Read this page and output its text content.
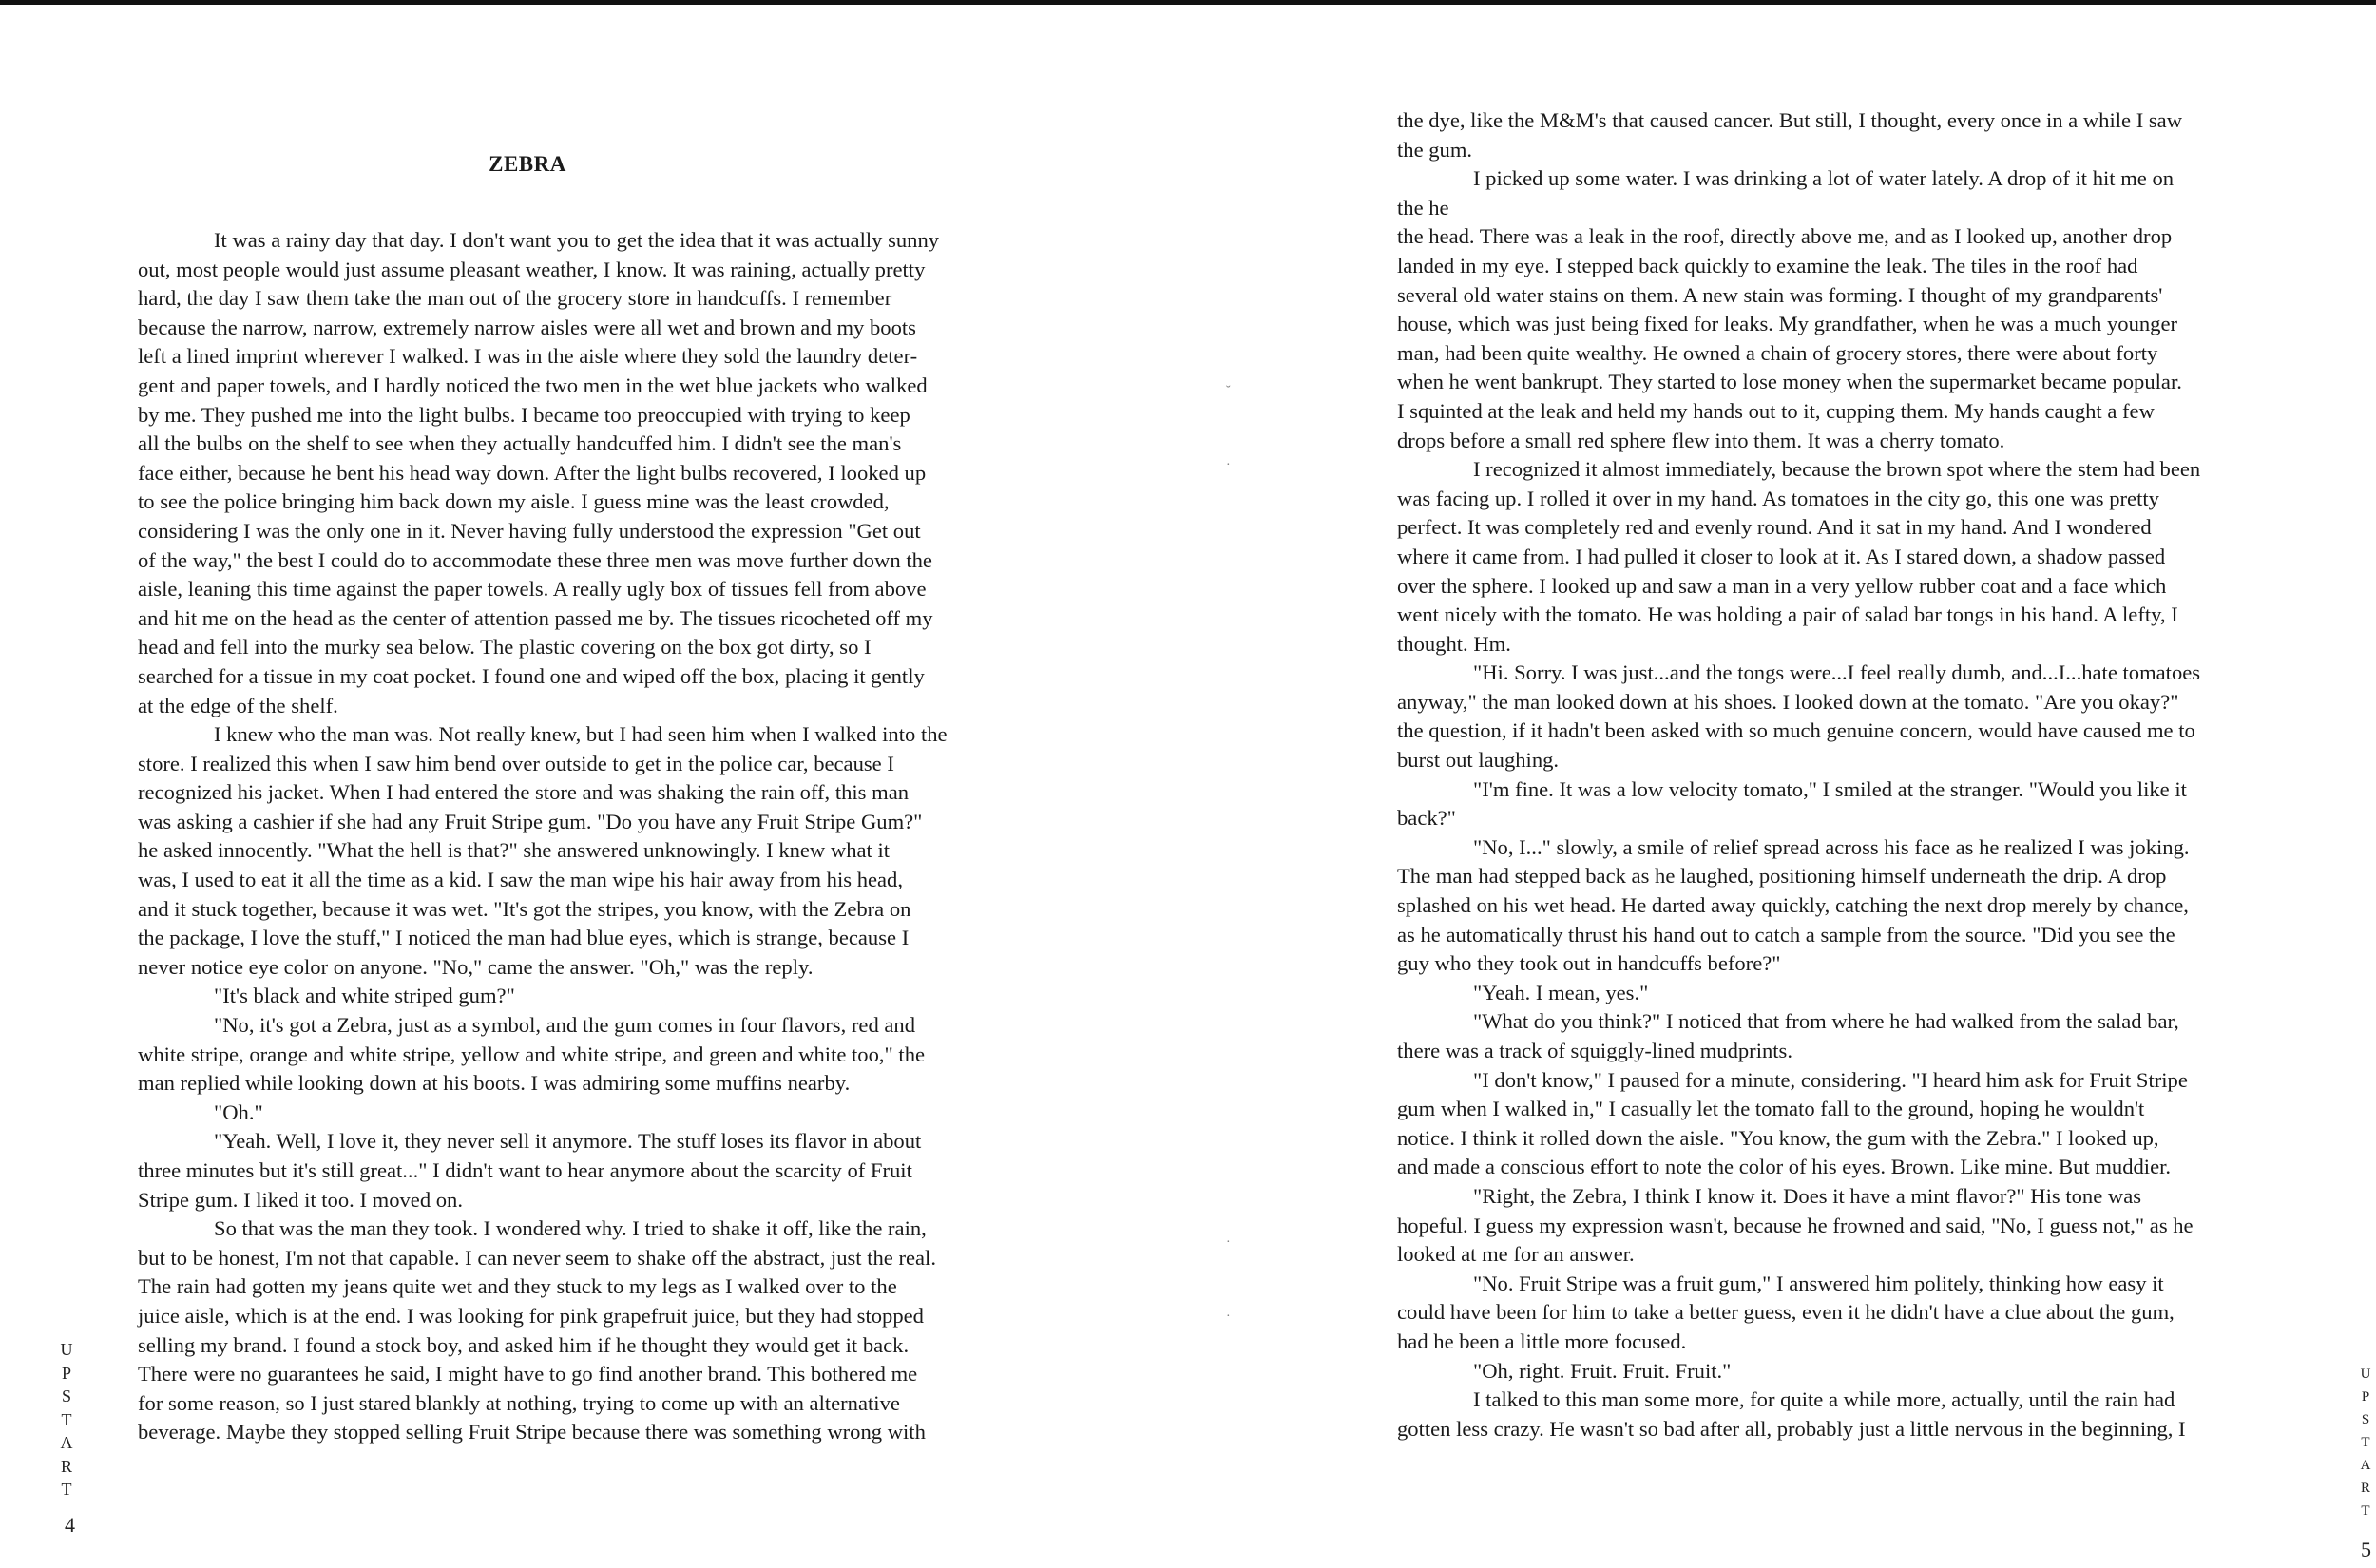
ZEBRA

It was a rainy day that day. I don't want you to get the idea that it was actually sunny
out, most people would just assume pleasant weather, I know. It was raining, actually pretty
hard, the day I saw them take the man out of the grocery store in handcuffs. I remember
because the narrow, narrow, extremely narrow aisles were all wet and brown and my boots
left a lined imprint wherever I walked. I was in the aisle where they sold the laundry deter-
gent and paper towels, and I hardly noticed the two men in the wet blue jackets who walked
by me. They pushed me into the light bulbs. I became too preoccupied with trying to keep
all the bulbs on the shelf to see when they actually handcuffed him. I didn't see the man's
face either, because he bent his head way down. After the light bulbs recovered, I looked up
to see the police bringing him back down my aisle. I guess mine was the least crowded,
considering I was the only one in it. Never having fully understood the expression "Get out
of the way," the best I could do to accommodate these three men was move further down the
aisle, leaning this time against the paper towels. A really ugly box of tissues fell from above
and hit me on the head as the center of attention passed me by. The tissues ricocheted off my
head and fell into the murky sea below. The plastic covering on the box got dirty, so I
searched for a tissue in my coat pocket. I found one and wiped off the box, placing it gently
at the edge of the shelf.

I knew who the man was. Not really knew, but I had seen him when I walked into the
store. I realized this when I saw him bend over outside to get in the police car, because I
recognized his jacket. When I had entered the store and was shaking the rain off, this man
was asking a cashier if she had any Fruit Stripe gum. "Do you have any Fruit Stripe Gum?"
he asked innocently. "What the hell is that?" she answered unknowingly. I knew what it
was, I used to eat it all the time as a kid. I saw the man wipe his hair away from his head,
and it stuck together, because it was wet. "It's got the stripes, you know, with the Zebra on
the package, I love the stuff," I noticed the man had blue eyes, which is strange, because I
never notice eye color on anyone. "No," came the answer. "Oh," was the reply.

"It's black and white striped gum?"

"No, it's got a Zebra, just as a symbol, and the gum comes in four flavors, red and
white stripe, orange and white stripe, yellow and white stripe, and green and white too," the
man replied while looking down at his boots. I was admiring some muffins nearby.

"Oh."

"Yeah. Well, I love it, they never sell it anymore. The stuff loses its flavor in about
three minutes but it's still great..." I didn't want to hear anymore about the scarcity of Fruit
Stripe gum. I liked it too. I moved on.

So that was the man they took. I wondered why. I tried to shake it off, like the rain,
but to be honest, I'm not that capable. I can never seem to shake off the abstract, just the real.
The rain had gotten my jeans quite wet and they stuck to my legs as I walked over to the
juice aisle, which is at the end. I was looking for pink grapefruit juice, but they had stopped
selling my brand. I found a stock boy, and asked him if he thought they would get it back.
There were no guarantees he said, I might have to go find another brand. This bothered me
for some reason, so I just stared blankly at nothing, trying to come up with an alternative
beverage. Maybe they stopped selling Fruit Stripe because there was something wrong with

U
P
S
T
A
R
T
4
˘
·
·
·

the dye, like the M&M's that caused cancer. But still, I thought, every once in a while I saw
the gum.

I picked up some water. I was drinking a lot of water lately. A drop of it hit me on
the he

the head. There was a leak in the roof, directly above me, and as I looked up, another drop
landed in my eye. I stepped back quickly to examine the leak. The tiles in the roof had
several old water stains on them. A new stain was forming. I thought of my grandparents'
house, which was just being fixed for leaks. My grandfather, when he was a much younger
man, had been quite wealthy. He owned a chain of grocery stores, there were about forty
when he went bankrupt. They started to lose money when the supermarket became popular.
I squinted at the leak and held my hands out to it, cupping them. My hands caught a few
drops before a small red sphere flew into them. It was a cherry tomato.

I recognized it almost immediately, because the brown spot where the stem had been
was facing up. I rolled it over in my hand. As tomatoes in the city go, this one was pretty
perfect. It was completely red and evenly round. And it sat in my hand. And I wondered
where it came from. I had pulled it closer to look at it. As I stared down, a shadow passed
over the sphere. I looked up and saw a man in a very yellow rubber coat and a face which
went nicely with the tomato. He was holding a pair of salad bar tongs in his hand. A lefty, I
thought. Hm.

"Hi. Sorry. I was just...and the tongs were...I feel really dumb, and...I...hate tomatoes
anyway," the man looked down at his shoes. I looked down at the tomato. "Are you okay?"
the question, if it hadn't been asked with so much genuine concern, would have caused me to
burst out laughing.

"I'm fine. It was a low velocity tomato," I smiled at the stranger. "Would you like it
back?"

"No, I..." slowly, a smile of relief spread across his face as he realized I was joking.
The man had stepped back as he laughed, positioning himself underneath the drip. A drop
splashed on his wet head. He darted away quickly, catching the next drop merely by chance,
as he automatically thrust his hand out to catch a sample from the source. "Did you see the
guy who they took out in handcuffs before?"

"Yeah. I mean, yes."

"What do you think?" I noticed that from where he had walked from the salad bar,
there was a track of squiggly-lined mudprints.

"I don't know," I paused for a minute, considering. "I heard him ask for Fruit Stripe
gum when I walked in," I casually let the tomato fall to the ground, hoping he wouldn't
notice. I think it rolled down the aisle. "You know, the gum with the Zebra." I looked up,
and made a conscious effort to note the color of his eyes. Brown. Like mine. But muddier.

"Right, the Zebra, I think I know it. Does it have a mint flavor?" His tone was
hopeful. I guess my expression wasn't, because he frowned and said, "No, I guess not," as he
looked at me for an answer.

"No. Fruit Stripe was a fruit gum," I answered him politely, thinking how easy it
could have been for him to take a better guess, even it he didn't have a clue about the gum,
had he been a little more focused.

"Oh, right. Fruit. Fruit. Fruit."

I talked to this man some more, for quite a while more, actually, until the rain had
gotten less crazy. He wasn't so bad after all, probably just a little nervous in the beginning, I

U
P
S
T
A
R
T
5
